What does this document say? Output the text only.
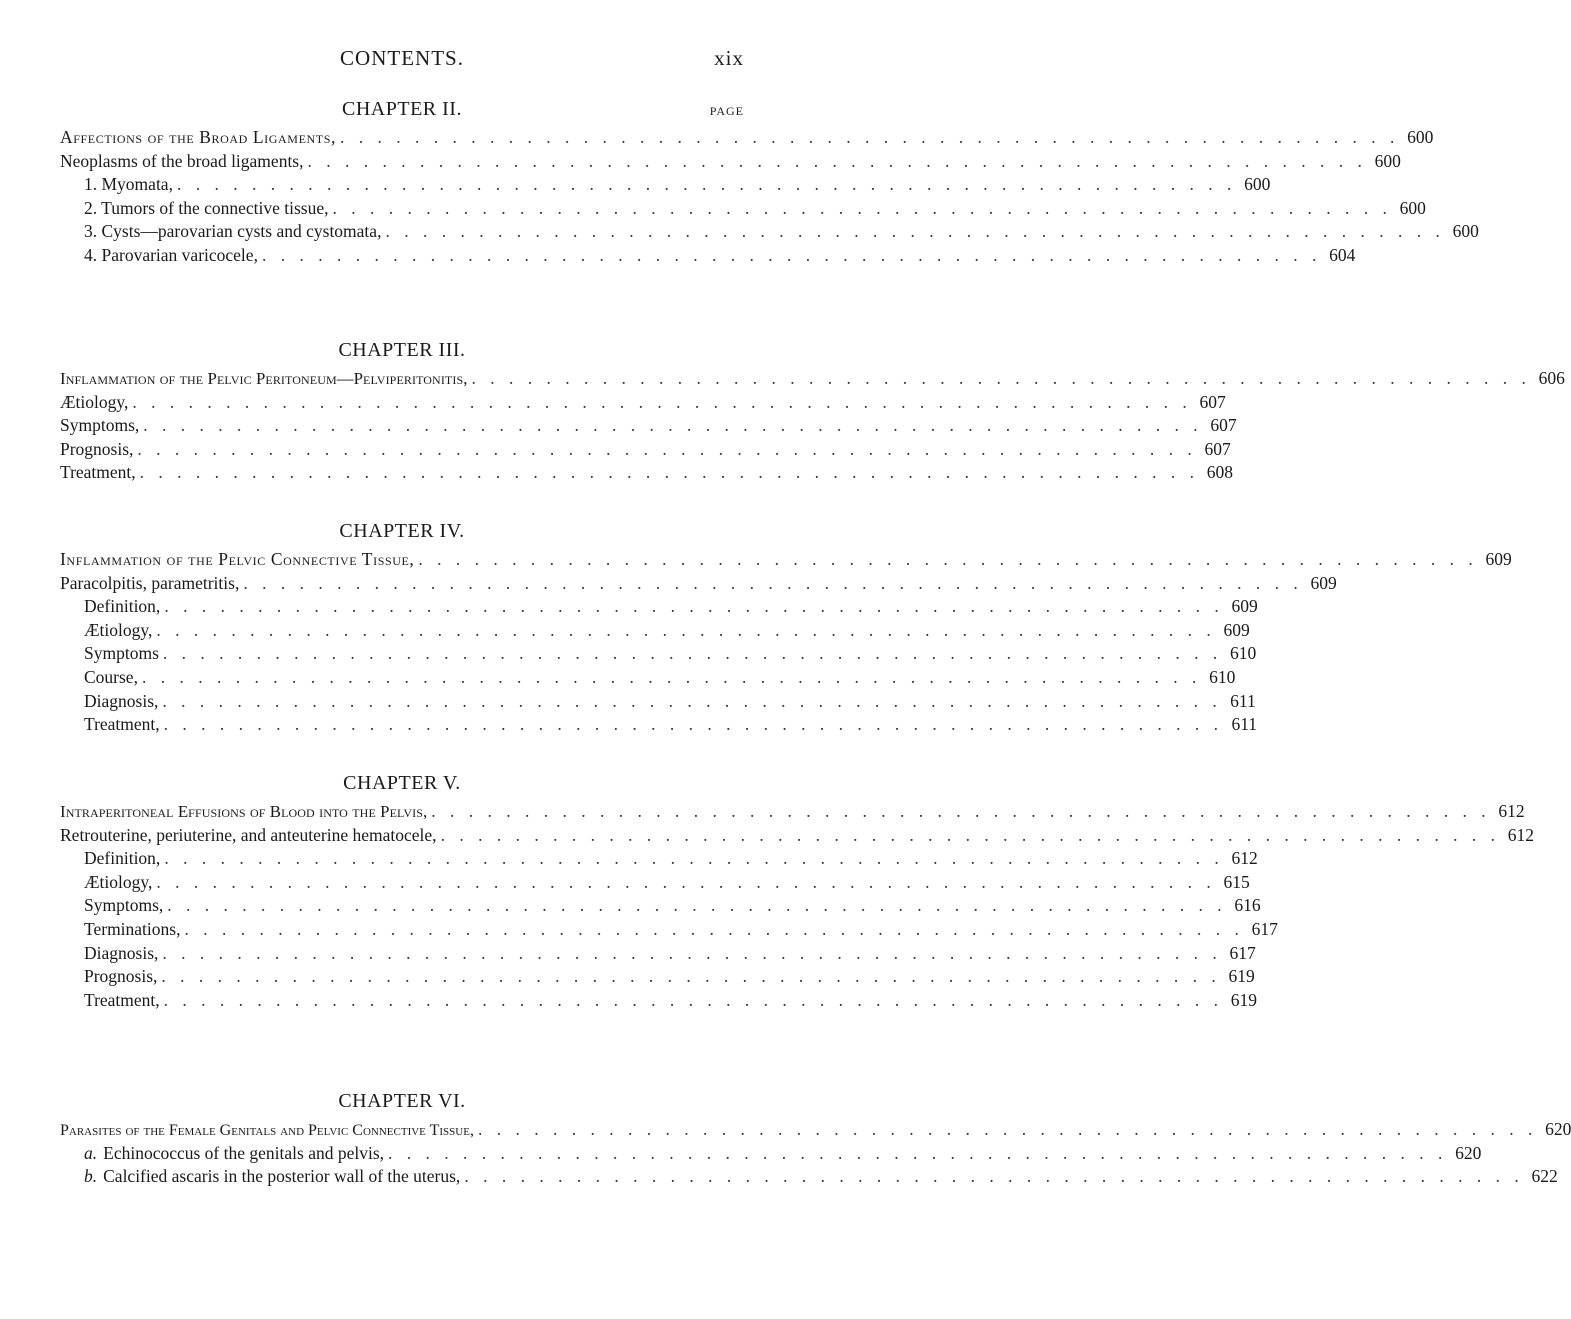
CONTENTS.	xix
CHAPTER II.	PAGE
Affections of the Broad Ligaments, . . . . . . . . . . . . . . . . . . . . . . . . . . . . . . . . . . . . . . . . . . . . . . . . . . . . . . . . . 600
Neoplasms of the broad ligaments, . . . . . . . . . . . . . . . . . . . . . . . . . . . . . . . . . . . . . . . . . . . . . . . . . . . . . . . . . 600
1. Myomata, . . . . . . . . . . . . . . . . . . . . . . . . . . . . . . . . . . . . . . . . . . . . . . . . . . . . . . . . . 600
2. Tumors of the connective tissue, . . . . . . . . . . . . . . . . . . . . . . . . . . . . . . . . . . . . . . . . . . . . . . . . . . . . . . . . . 600
3. Cysts—parovarian cysts and cystomata, . . . . . . . . . . . . . . . . . . . . . . . . . . . . . . . . . . . . . . . . . . . . . . . . . . . . . . . . . 600
4. Parovarian varicocele, . . . . . . . . . . . . . . . . . . . . . . . . . . . . . . . . . . . . . . . . . . . . . . . . . . . . . . . . . 604
CHAPTER III.
Inflammation of the Pelvic Peritoneum—Pelviperitonitis, . . . . . . . . . . . . . . . . . . . . . . . . . . . . . . . . . . . . . . . . . . . . . . . . . . . . . . . . . 606
Ætiology, . . . . . . . . . . . . . . . . . . . . . . . . . . . . . . . . . . . . . . . . . . . . . . . . . . . . . . . . . 607
Symptoms, . . . . . . . . . . . . . . . . . . . . . . . . . . . . . . . . . . . . . . . . . . . . . . . . . . . . . . . . . 607
Prognosis, . . . . . . . . . . . . . . . . . . . . . . . . . . . . . . . . . . . . . . . . . . . . . . . . . . . . . . . . . 607
Treatment, . . . . . . . . . . . . . . . . . . . . . . . . . . . . . . . . . . . . . . . . . . . . . . . . . . . . . . . . . 608
CHAPTER IV.
Inflammation of the Pelvic Connective Tissue, . . . . . . . . . . . . . . . . . . . . . . . . . . . . . . . . . . . . . . . . . . . . . . . . . . . . . . . . . 609
Paracolpitis, parametritis, . . . . . . . . . . . . . . . . . . . . . . . . . . . . . . . . . . . . . . . . . . . . . . . . . . . . . . . . . 609
Definition, . . . . . . . . . . . . . . . . . . . . . . . . . . . . . . . . . . . . . . . . . . . . . . . . . . . . . . . . . 609
Ætiology, . . . . . . . . . . . . . . . . . . . . . . . . . . . . . . . . . . . . . . . . . . . . . . . . . . . . . . . . . 609
Symptoms . . . . . . . . . . . . . . . . . . . . . . . . . . . . . . . . . . . . . . . . . . . . . . . . . . . . . . . . . 610
Course, . . . . . . . . . . . . . . . . . . . . . . . . . . . . . . . . . . . . . . . . . . . . . . . . . . . . . . . . . 610
Diagnosis, . . . . . . . . . . . . . . . . . . . . . . . . . . . . . . . . . . . . . . . . . . . . . . . . . . . . . . . . . 611
Treatment, . . . . . . . . . . . . . . . . . . . . . . . . . . . . . . . . . . . . . . . . . . . . . . . . . . . . . . . . . 611
CHAPTER V.
Intraperitoneal Effusions of Blood into the Pelvis, . . . . . . . . . . . . . . . . . . . . . . . . . . . . . . . . . . . . . . . . . . . . . . . . . . . . . . . . . 612
Retrouterine, periuterine, and anteuterine hematocele, . . . . . . . . . . . . . . . . . . . . . . . . . . . . . . . . . . . . . . . . . . . . . . . . . . . . . . . . . 612
Definition, . . . . . . . . . . . . . . . . . . . . . . . . . . . . . . . . . . . . . . . . . . . . . . . . . . . . . . . . . 612
Ætiology, . . . . . . . . . . . . . . . . . . . . . . . . . . . . . . . . . . . . . . . . . . . . . . . . . . . . . . . . . 615
Symptoms, . . . . . . . . . . . . . . . . . . . . . . . . . . . . . . . . . . . . . . . . . . . . . . . . . . . . . . . . . 616
Terminations, . . . . . . . . . . . . . . . . . . . . . . . . . . . . . . . . . . . . . . . . . . . . . . . . . . . . . . . . . 617
Diagnosis, . . . . . . . . . . . . . . . . . . . . . . . . . . . . . . . . . . . . . . . . . . . . . . . . . . . . . . . . . 617
Prognosis, . . . . . . . . . . . . . . . . . . . . . . . . . . . . . . . . . . . . . . . . . . . . . . . . . . . . . . . . . 619
Treatment, . . . . . . . . . . . . . . . . . . . . . . . . . . . . . . . . . . . . . . . . . . . . . . . . . . . . . . . . . 619
CHAPTER VI.
Parasites of the Female Genitals and Pelvic Connective Tissue, . . . . . . . . . . . . . . . . . . . . . . . . . . . . . . . . . . . . . . . . . . . . . . . . . . . . . . . . . 620
a. Echinococcus of the genitals and pelvis, . . . . . . . . . . . . . . . . . . . . . . . . . . . . . . . . . . . . . . . . . . . . . . . . . . . . . . . . . 620
b. Calcified ascaris in the posterior wall of the uterus, . . . . . . . . . . . . . . . . . . . . . . . . . . . . . . . . . . . . . . . . . . . . . . . . . . . . . . . . . 622
